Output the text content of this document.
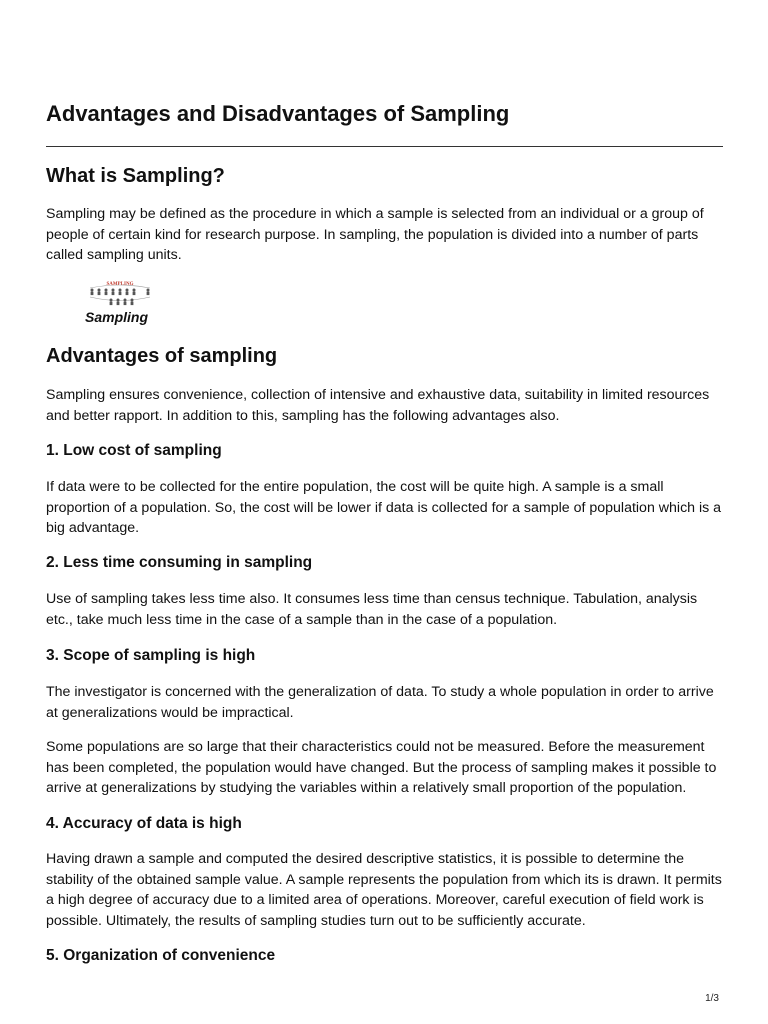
Advantages and Disadvantages of Sampling
What is Sampling?

Sampling may be defined as the procedure in which a sample is selected from an individual or a group of people of certain kind for research purpose. In sampling, the population is divided into a number of parts called sampling units.

SAMPLING
Sampling
Advantages of sampling

Sampling ensures convenience, collection of intensive and exhaustive data, suitability in limited resources and better rapport. In addition to this, sampling has the following advantages also.

1. Low cost of sampling

If data were to be collected for the entire population, the cost will be quite high. A sample is a small proportion of a population. So, the cost will be lower if data is collected for a sample of population which is a big advantage.

2. Less time consuming in sampling

Use of sampling takes less time also. It consumes less time than census technique. Tabulation, analysis etc., take much less time in the case of a sample than in the case of a population.

3. Scope of sampling is high

The investigator is concerned with the generalization of data. To study a whole population in order to arrive at generalizations would be impractical.

Some populations are so large that their characteristics could not be measured. Before the measurement has been completed, the population would have changed. But the process of sampling makes it possible to arrive at generalizations by studying the variables within a relatively small proportion of the population.

4. Accuracy of data is high

Having drawn a sample and computed the desired descriptive statistics, it is possible to determine the stability of the obtained sample value. A sample represents the population from which its is drawn. It permits a high degree of accuracy due to a limited area of operations. Moreover, careful execution of field work is possible. Ultimately, the results of sampling studies turn out to be sufficiently accurate.

5. Organization of convenience
1/3
